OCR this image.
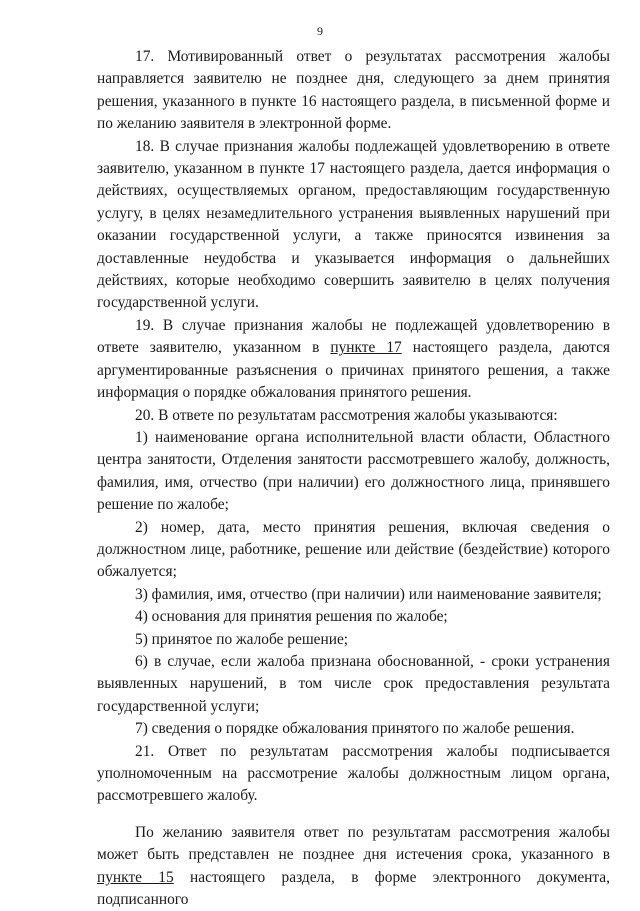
9

17. Мотивированный ответ о результатах рассмотрения жалобы направляется заявителю не позднее дня, следующего за днем принятия решения, указанного в пункте 16 настоящего раздела, в письменной форме и по желанию заявителя в электронной форме.

18. В случае признания жалобы подлежащей удовлетворению в ответе заявителю, указанном в пункте 17 настоящего раздела, дается информация о действиях, осуществляемых органом, предоставляющим государственную услугу, в целях незамедлительного устранения выявленных нарушений при оказании государственной услуги, а также приносятся извинения за доставленные неудобства и указывается информация о дальнейших действиях, которые необходимо совершить заявителю в целях получения государственной услуги.

19. В случае признания жалобы не подлежащей удовлетворению в ответе заявителю, указанном в пункте 17 настоящего раздела, даются аргументированные разъяснения о причинах принятого решения, а также информация о порядке обжалования принятого решения.

20. В ответе по результатам рассмотрения жалобы указываются:

1) наименование органа исполнительной власти области, Областного центра занятости, Отделения занятости рассмотревшего жалобу, должность, фамилия, имя, отчество (при наличии) его должностного лица, принявшего решение по жалобе;

2) номер, дата, место принятия решения, включая сведения о должностном лице, работнике, решение или действие (бездействие) которого обжалуется;

3) фамилия, имя, отчество (при наличии) или наименование заявителя;

4) основания для принятия решения по жалобе;

5) принятое по жалобе решение;

6) в случае, если жалоба признана обоснованной, - сроки устранения выявленных нарушений, в том числе срок предоставления результата государственной услуги;

7) сведения о порядке обжалования принятого по жалобе решения.

21. Ответ по результатам рассмотрения жалобы подписывается уполномоченным на рассмотрение жалобы должностным лицом органа, рассмотревшего жалобу.

По желанию заявителя ответ по результатам рассмотрения жалобы может быть представлен не позднее дня истечения срока, указанного в пункте 15 настоящего раздела, в форме электронного документа, подписанного
